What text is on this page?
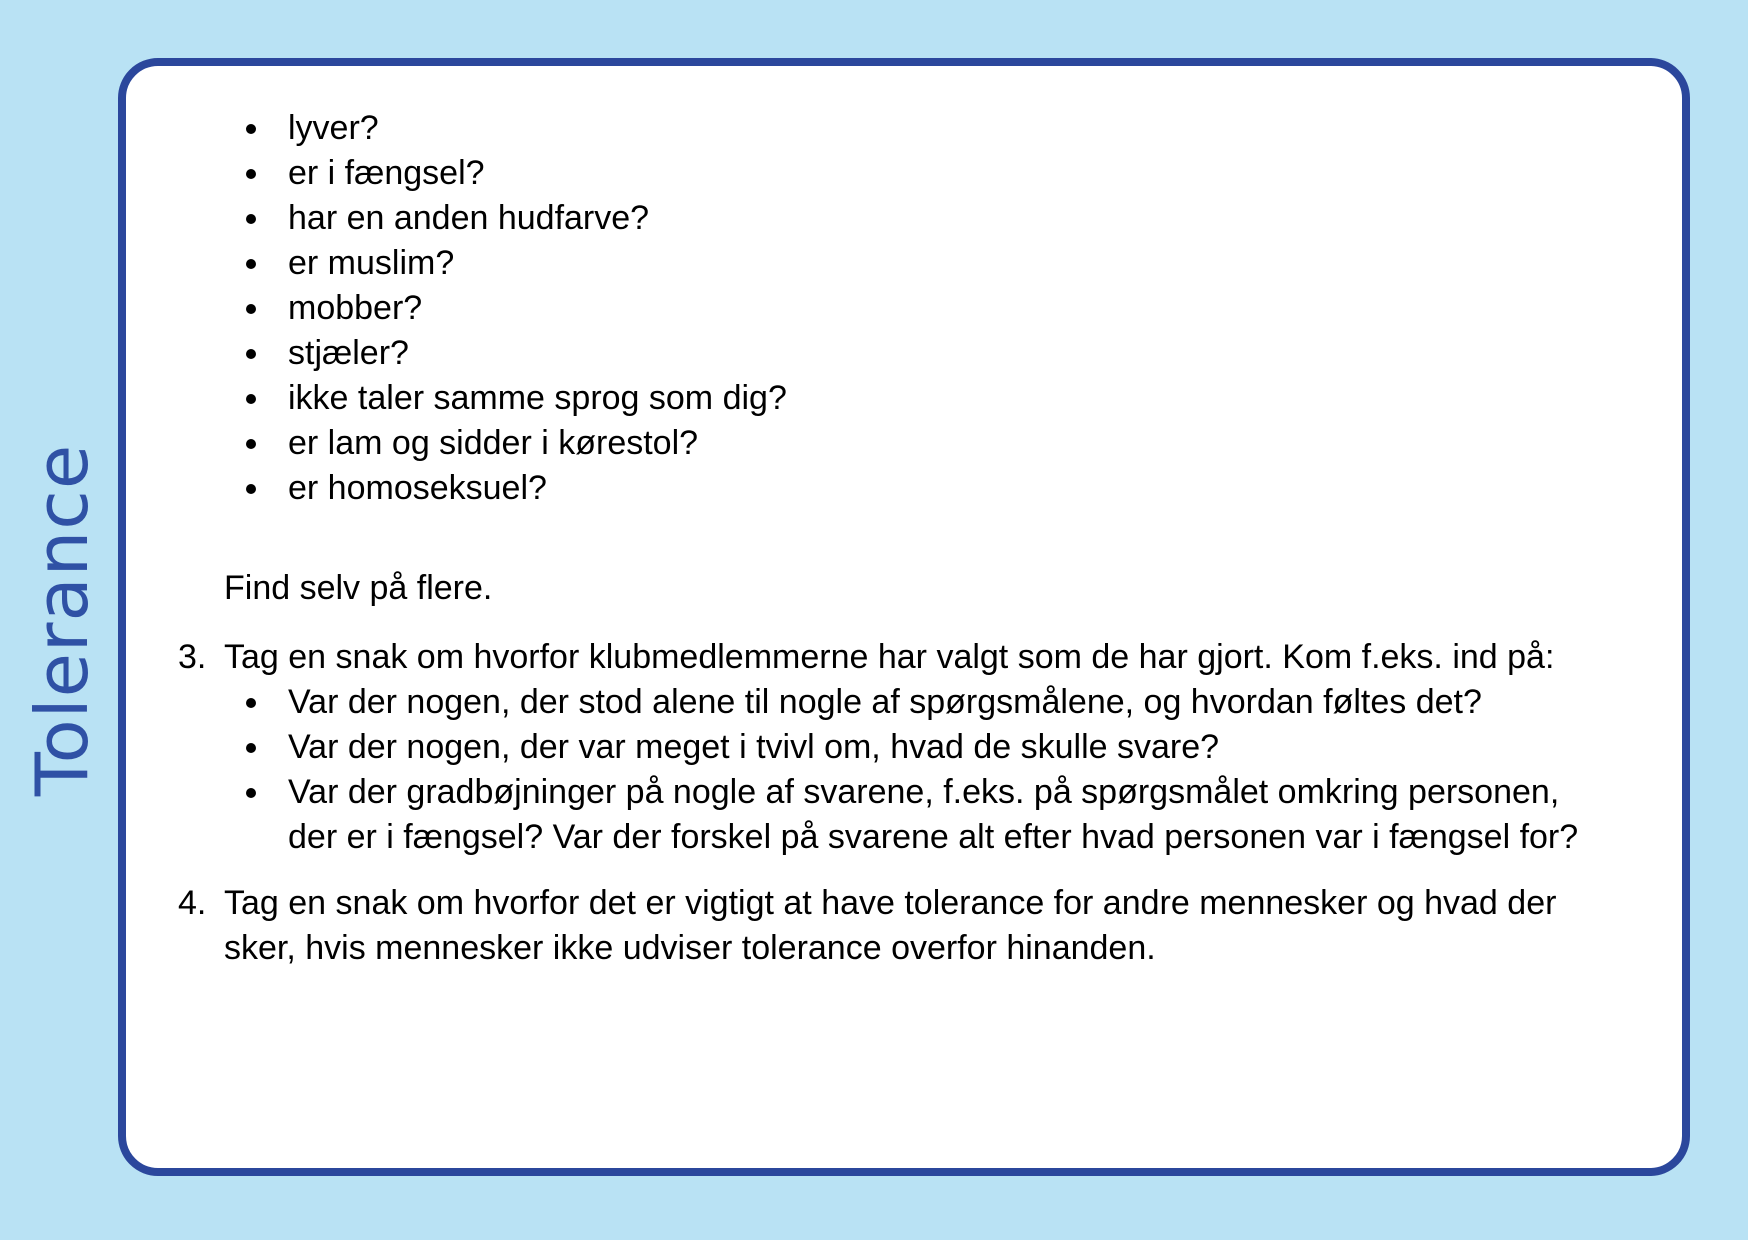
Tolerance
lyver?
er i fængsel?
har en anden hudfarve?
er muslim?
mobber?
stjæler?
ikke taler samme sprog som dig?
er lam og sidder i kørestol?
er homoseksuel?
Find selv på flere.
3. Tag en snak om hvorfor klubmedlemmerne har valgt som de har gjort. Kom f.eks. ind på:
Var der nogen, der stod alene til nogle af spørgsmålene, og hvordan føltes det?
Var der nogen, der var meget i tvivl om, hvad de skulle svare?
Var der gradbøjninger på nogle af svarene, f.eks. på spørgsmålet omkring personen, der er i fængsel? Var der forskel på svarene alt efter hvad personen var i fængsel for?
4. Tag en snak om hvorfor det er vigtigt at have tolerance for andre mennesker og hvad der sker, hvis mennesker ikke udviser tolerance overfor hinanden.
